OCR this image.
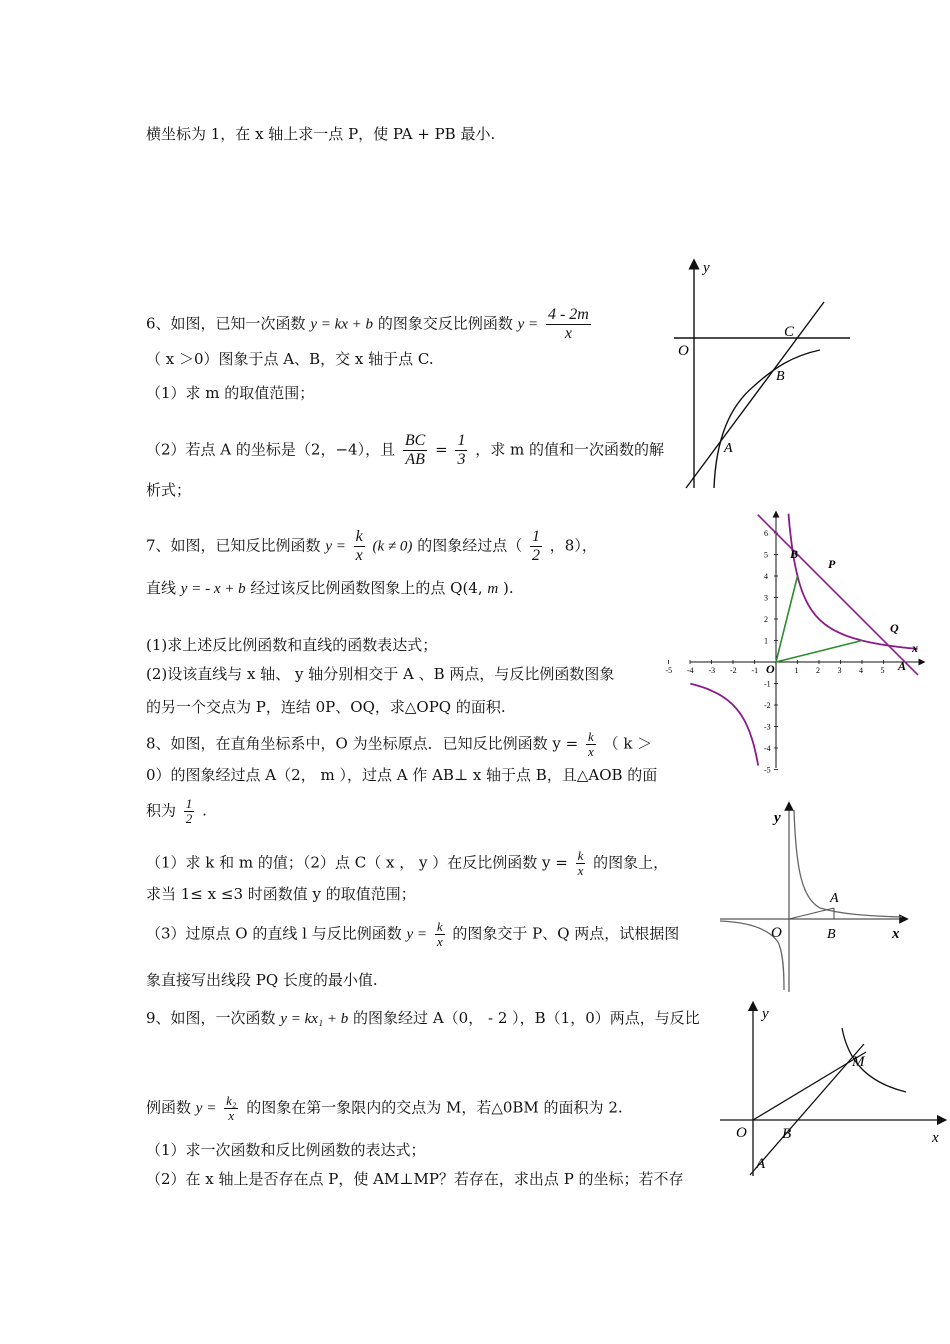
横坐标为 1，在 x 轴上求一点 P，使 PA + PB 最小.
6、如图，已知一次函数 y = kx + b 的图象交反比例函数 $y = \frac{4 - 2m}{x}$
（ x ＞0）图象于点 A、B，交 x 轴于点 C.
（1）求 m 的取值范围；
（2）若点 A 的坐标是（2，−4），且 $\frac{BC}{AB} = \frac{1}{3}$ ，求 m 的值和一次函数的解
析式；
7、如图，已知反比例函数 $y = \frac{k}{x} (k \ne 0)$ 的图象经过点（ $\frac{1}{2}$ ，8），
直线 y = - x + b 经过该反比例函数图象上的点 Q(4, m ).
(1)求上述反比例函数和直线的函数表达式；
(2)设该直线与 x 轴、 y 轴分别相交于 A 、B 两点，与反比例函数图象
的另一个交点为 P，连结 0P、OQ，求△OPQ 的面积.
8、如图，在直角坐标系中，O 为坐标原点．已知反比例函数 $y = \frac{k}{x}$ （ k ＞
0）的图象经过点 A（2， m ），过点 A 作 AB⊥ x 轴于点 B，且△AOB 的面
积为 $\frac{1}{2}$ .
（1）求 k 和 m 的值；（2）点 C（ x ， y ）在反比例函数 $y = \frac{k}{x}$ 的图象上，
求当 1≤ x ≤3 时函数值 y 的取值范围；
（3）过原点 O 的直线 l 与反比例函数 $y = \frac{k}{x}$ 的图象交于 P、Q 两点，试根据图
象直接写出线段 PQ 长度的最小值.
9、如图，一次函数 y = kx₁ + b 的图象经过 A（0， - 2 ），B（1，0）两点，与反比
例函数 $y = \frac{\text{k₂}}{x}$ 的图象在第一象限内的交点为 M，若△0BM 的面积为 2.
（1）求一次函数和反比例函数的表达式；
（2）在 x 轴上是否存在点 P，使 AM⊥MP？若存在，求出点 P 的坐标；若不存
y
O
C
B
A
-5 -4 -3 -2 -1	1 2 3 4 5
6
5
4
3
2
1
-1
-2
-3
-4
-5
P
Q
B
A
O
x
y
O
A
B	x
y
O B
M
A
x
